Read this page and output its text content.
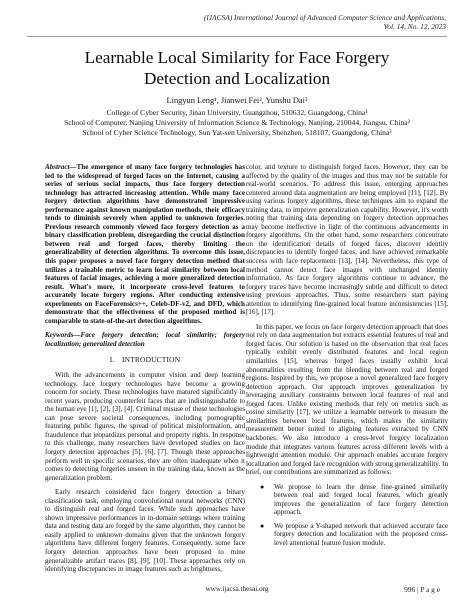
(IJACSA) International Journal of Advanced Computer Science and Applications,
Vol. 14, No. 12, 2023
Learnable Local Similarity for Face Forgery
Detection and Localization
Lingyun Leng¹, Jianwei Fei², Yunshu Dai³
College of Cyber Security, Jinan University, Guangzhou, 510632, Guangdong, China¹
School of Computer, Nanjing University of Information Science & Technology, Nanjing, 210044, Jiangsu, China²
School of Cyber Science Technology, Sun Yat-sen University, Shenzhen, 518107, Guangdong, China³

Abstract—The emergence of many face forgery technologies has led to the widespread of forged faces on the Internet, causing a series of serious social impacts, thus face forgery detection technology has attracted increasing attention. While many face forgery detection algorithms have demonstrated impressive performance against known manipulation methods, their efficacy tends to diminish severely when applied to unknown forgeries. Previous research commonly viewed face forgery detection as a binary classification problem, disregarding the crucial distinction between real and forged faces, thereby limiting the generalizability of detection algorithms. To overcome this issue, this paper proposes a novel face forgery detection method that utilizes a trainable metric to learn local similarity between local features of facial images, achieving a more generalized detection result. What's more, it incorporate cross-level features to accurately locate forgery regions. After conducting extensive experiments on FaceForensics++, Celeb-DF-v2, and DFD, which demonstrate that the effectiveness of the proposed method is comparable to state-of-the-art detection algorithms.

Keywords—Face forgery detection; local similarity; forgery localization; generalized detection

I. INTRODUCTION

With the advancements in computer vision and deep learning technology, face forgery technologies have become a growing concern for society. These technologies have matured significantly in recent years, producing counterfeit faces that are indistinguishable to the human eye [1], [2], [3], [4]. Criminal misuse of these technologies can pose severe societal consequences, including pornographic featuring public figures, the spread of political misinformation, and fraudulence that jeopardizes personal and property rights. In response to this challenge, many researchers have developed studies on face forgery detection approaches [5], [6], [7]. Though these approaches perform well in specific scenarios, they are often inadequate when it comes to detecting forgeries unseen in the training data, known as the generalization problem.

Early research considered face forgery detection a binary classification task, employing convolutional neural networks (CNN) to distinguish real and forged faces. While such approaches have shown impressive performances in in-domain settings where training data and testing data are forged by the same algorithm, they cannot be easily applied to unknown domains given that the unknown forgery algorithms have different forgery features. Consequently, some face forgery detection approaches have been proposed to mine generalizable artifact traces [8], [9], [10]. These approaches rely on identifying discrepancies in image features such as brightness,

color, and texture to distinguish forged faces. However, they can be affected by the quality of the images and thus may not be suitable for real-world scenarios. To address this issue, emerging approaches centered around data augmentation are being employed [11], [12]. By using various forgery algorithms, these techniques aim to expand the training data, to improve generalization capability. However, it's worth noting that training data depending on forgery detection approaches may become ineffective in light of the continuous advancements in forgery algorithms. On the other hand, some researchers concentrate on the identification details of forged faces, discover identity discrepancies to identify forged faces, and have achieved remarkable success with face replacement [13], [14]. Nevertheless, this type of method cannot detect face images with unchanged identity information. As face forgery algorithms continue to advance, the forgery traces have become increasingly subtle and difficult to detect using previous approaches. Thus, some researchers start paying attention to identifying fine-grained local feature inconsistencies [15], [16], [17].

In this paper, we focus on face forgery detection approach that does not rely on data augmentation but extracts essential features of real and forged faces. Our solution is based on the observation that real faces typically exhibit evenly distributed features and local region similarities [15], whereas forged faces usually exhibit local abnormalities resulting from the blending between real and forged regions. Inspired by this, we propose a novel generalized face forgery detection approach. Our approach improves generalization by leveraging auxiliary constraints between local features of real and forged faces. Unlike existing methods that rely on metrics such as cosine similarity [17], we utilize a learnable network to measure the similarities between local features, which makes the similarity measurement better suited to aligning features extracted by CNN backbones. We also introduce a cross-level forgery localization module that integrates various features across different levels with a lightweight attention module. Our approach enables accurate forgery localization and forged face recognition with strong generalizability. In brief, our contributions are summarized as follows:

● We propose to learn the dense fine-grained similarity between real and forged local features, which greatly improves the generalization of face forgery detection approach.
● We propose a Y-shaped network that achieved accurate face forgery detection and localization with the proposed cross-level attentional feature fusion module.
www.ijacsa.thesai.org	996 | P a g e
